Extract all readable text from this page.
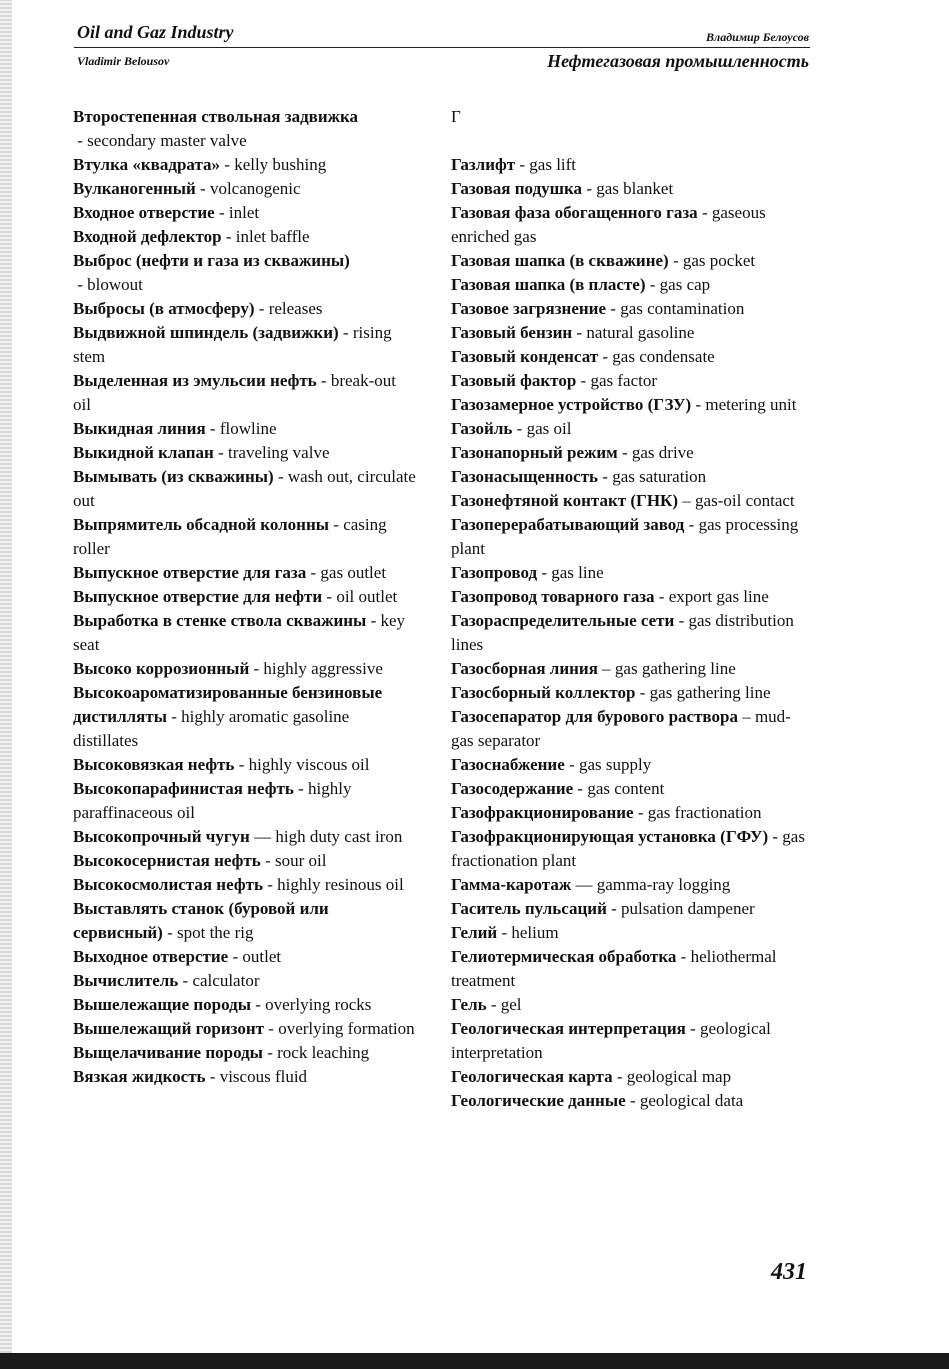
Oil and Gaz Industry	Владимир Белоусов
Vladimir Belousov	Нефтегазовая промышленность

Второстепенная ствольная задвижка - secondary master valve

Втулка «квадрата» - kelly bushing

Вулканогенный - volcanogenic

Входное отверстие - inlet

Входной дефлектор - inlet baffle

Выброс (нефти и газа из скважины) - blowout

Выбросы (в атмосферу) - releases

Выдвижной шпиндель (задвижки) - rising stem

Выделенная из эмульсии нефть - break-out oil

Выкидная линия - flowline

Выкидной клапан - traveling valve

Вымывать (из скважины) - wash out, circulate out

Выпрямитель обсадной колонны - casing roller

Выпускное отверстие для газа - gas outlet

Выпускное отверстие для нефти - oil outlet

Выработка в стенке ствола скважины - key seat

Высоко коррозионный - highly aggressive

Высокоароматизированные бензиновые дистилляты - highly aromatic gasoline distillates

Высоковязкая нефть - highly viscous oil

Высокопарафинистая нефть - highly paraffinaceous oil

Высокопрочный чугун — high duty cast iron

Высокосернистая нефть - sour oil

Высокосмолистая нефть - highly resinous oil

Выставлять станок (буровой или сервисный) - spot the rig

Выходное отверстие - outlet

Вычислитель - calculator

Вышележащие породы - overlying rocks

Вышележащий горизонт - overlying formation

Выщелачивание породы - rock leaching

Вязкая жидкость - viscous fluid

Г

Газлифт - gas lift

Газовая подушка - gas blanket

Газовая фаза обогащенного газа - gaseous enriched gas

Газовая шапка (в скважине) - gas pocket

Газовая шапка (в пласте) - gas cap

Газовое загрязнение - gas contamination

Газовый бензин - natural gasoline

Газовый конденсат - gas condensate

Газовый фактор - gas factor

Газозамерное устройство (ГЗУ) - metering unit

Газойль - gas oil

Газонапорный режим - gas drive

Газонасыщенность - gas saturation

Газонефтяной контакт (ГНК) – gas-oil contact

Газоперерабатывающий завод - gas processing plant

Газопровод - gas line

Газопровод товарного газа - export gas line

Газораспределительные сети - gas distribution lines

Газосборная линия – gas gathering line

Газосборный коллектор - gas gathering line

Газосепаратор для бурового раствора – mud-gas separator

Газоснабжение - gas supply

Газосодержание - gas content

Газофракционирование - gas fractionation

Газофракционирующая установка (ГФУ) - gas fractionation plant

Гамма-каротаж — gamma-ray logging

Гаситель пульсаций - pulsation dampener

Гелий - helium

Гелиотермическая обработка - heliothermal treatment

Гель - gel

Геологическая интерпретация - geological interpretation

Геологическая карта - geological map

Геологические данные - geological data

431
